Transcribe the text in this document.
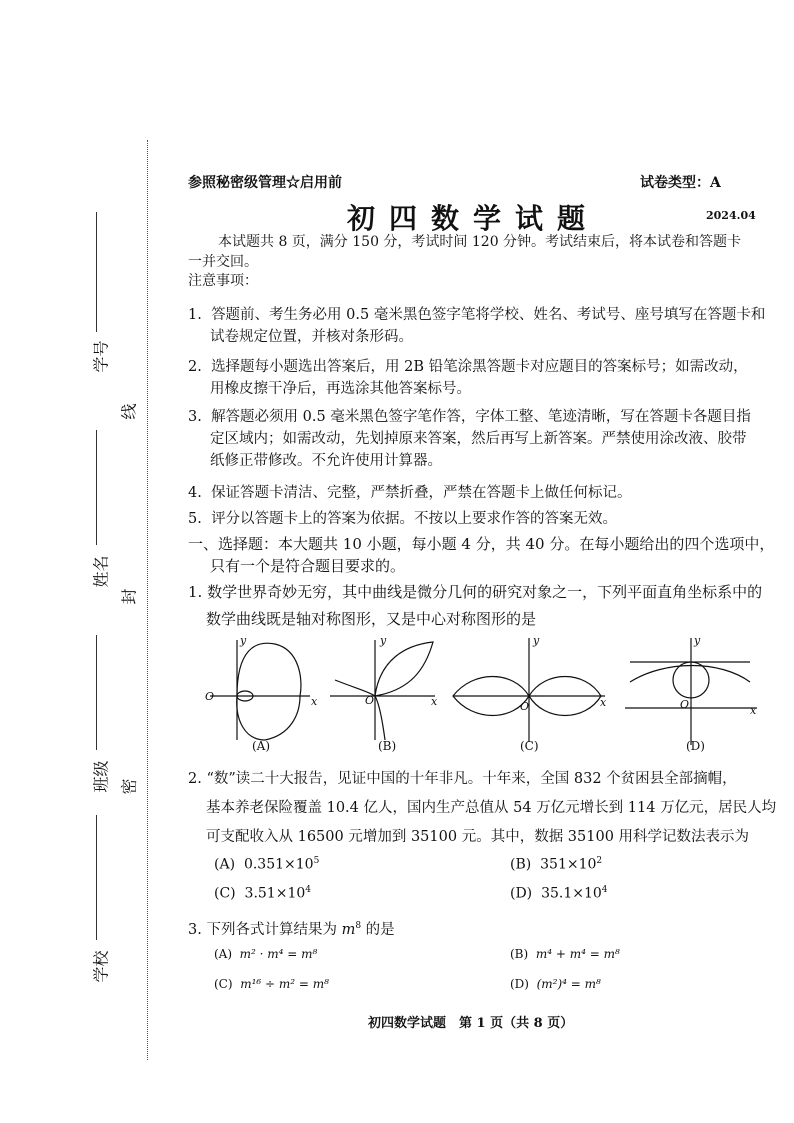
学号
姓名
班级
学校
线
封
密
参照秘密级管理☆启用前	试卷类型：A
初四数学试题	2024.04
本试题共 8 页，满分 150 分，考试时间 120 分钟。考试结束后，将本试卷和答题卡
一并交回。
注意事项：
1. 答题前、考生务必用 0.5 毫米黑色签字笔将学校、姓名、考试号、座号填写在答题卡和
试卷规定位置，并核对条形码。
2. 选择题每小题选出答案后，用 2B 铅笔涂黑答题卡对应题目的答案标号；如需改动，
用橡皮擦干净后，再选涂其他答案标号。
3. 解答题必须用 0.5 毫米黑色签字笔作答，字体工整、笔迹清晰，写在答题卡各题目指
定区域内；如需改动，先划掉原来答案，然后再写上新答案。严禁使用涂改液、胶带
纸修正带修改。不允许使用计算器。
4. 保证答题卡清洁、完整，严禁折叠，严禁在答题卡上做任何标记。
5. 评分以答题卡上的答案为依据。不按以上要求作答的答案无效。
一、选择题：本大题共 10 小题，每小题 4 分，共 40 分。在每小题给出的四个选项中，
只有一个是符合题目要求的。
1. 数学世界奇妙无穷，其中曲线是微分几何的研究对象之一，下列平面直角坐标系中的
数学曲线既是轴对称图形，又是中心对称图形的是
O	x
y
O	x
y
O	x
y
O	x
y
(A)	(B)	(C)	(D)
2. “数”读二十大报告，见证中国的十年非凡。十年来，全国 832 个贫困县全部摘帽，
基本养老保险覆盖 10.4 亿人，国内生产总值从 54 万亿元增长到 114 万亿元，居民人均
可支配收入从 16500 元增加到 35100 元。其中，数据 35100 用科学记数法表示为
(A) $0.351\times 10^5$	(B) $351\times 10^2$
(C) $3.51\times 10^4$	(D) $35.1\times 10^4$
3. 下列各式计算结果为 $m^8$ 的是
(A) m² · m⁴ = m⁸	(B) m⁴ + m⁴ = m⁸
(C) m¹⁶ ÷ m² = m⁸	(D) (m²)⁴ = m⁸
初四数学试题　第 1 页（共 8 页）
